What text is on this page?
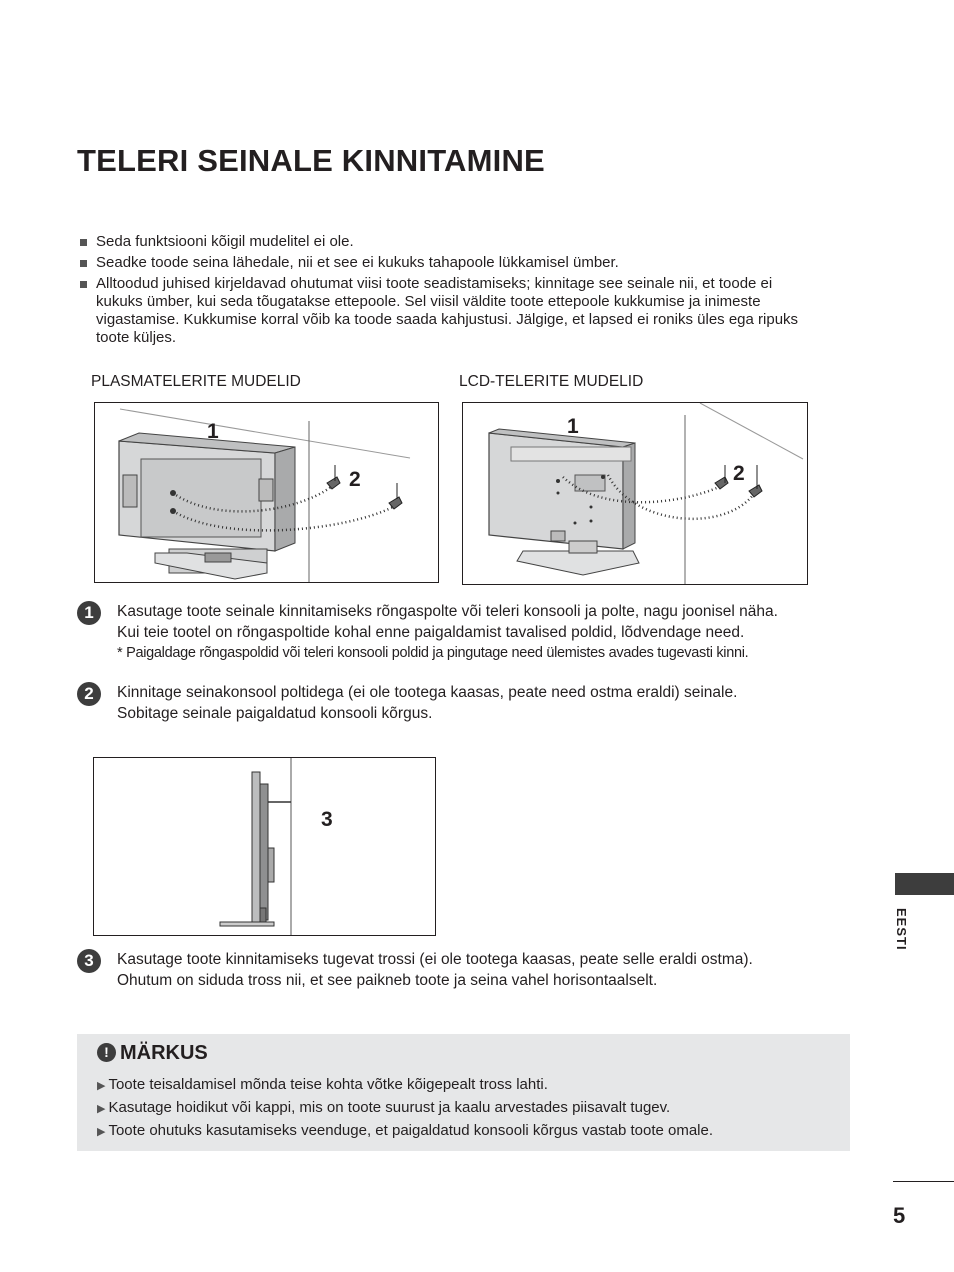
TELERI SEINALE KINNITAMINE
Seda funktsiooni kõigil mudelitel ei ole.
Seadke toode seina lähedale, nii et see ei kukuks tahapoole lükkamisel ümber.
Alltoodud juhised kirjeldavad ohutumat viisi toote seadistamiseks; kinnitage see seinale nii, et toode ei kukuks ümber, kui seda tõugatakse ettepoole. Sel viisil väldite toote ettepoole kukkumise ja inimeste vigastamise. Kukkumise korral võib ka toode saada kahjustusi. Jälgige, et lapsed ei roniks üles ega ripuks toote küljes.
PLASMATELERITE MUDELID	LCD-TELERITE MUDELID
1
2
1
2
1	Kasutage toote seinale kinnitamiseks rõngaspolte või teleri konsooli ja polte, nagu joonisel näha.
Kui teie tootel on rõngaspoltide kohal enne paigaldamist tavalised poldid, lõdvendage need.
* Paigaldage rõngaspoldid või teleri konsooli poldid ja pingutage need ülemistes avades tugevasti kinni.
2	Kinnitage seinakonsool poltidega (ei ole tootega kaasas, peate need ostma eraldi) seinale.
Sobitage seinale paigaldatud konsooli kõrgus.
3
3	Kasutage toote kinnitamiseks tugevat trossi (ei ole tootega kaasas, peate selle eraldi ostma).
Ohutum on siduda tross nii, et see paikneb toote ja seina vahel horisontaalselt.
! MÄRKUS
▶ Toote teisaldamisel mõnda teise kohta võtke kõigepealt tross lahti.
▶ Kasutage hoidikut või kappi, mis on toote suurust ja kaalu arvestades piisavalt tugev.
▶ Toote ohutuks kasutamiseks veenduge, et paigaldatud konsooli kõrgus vastab toote omale.
EESTI
5
